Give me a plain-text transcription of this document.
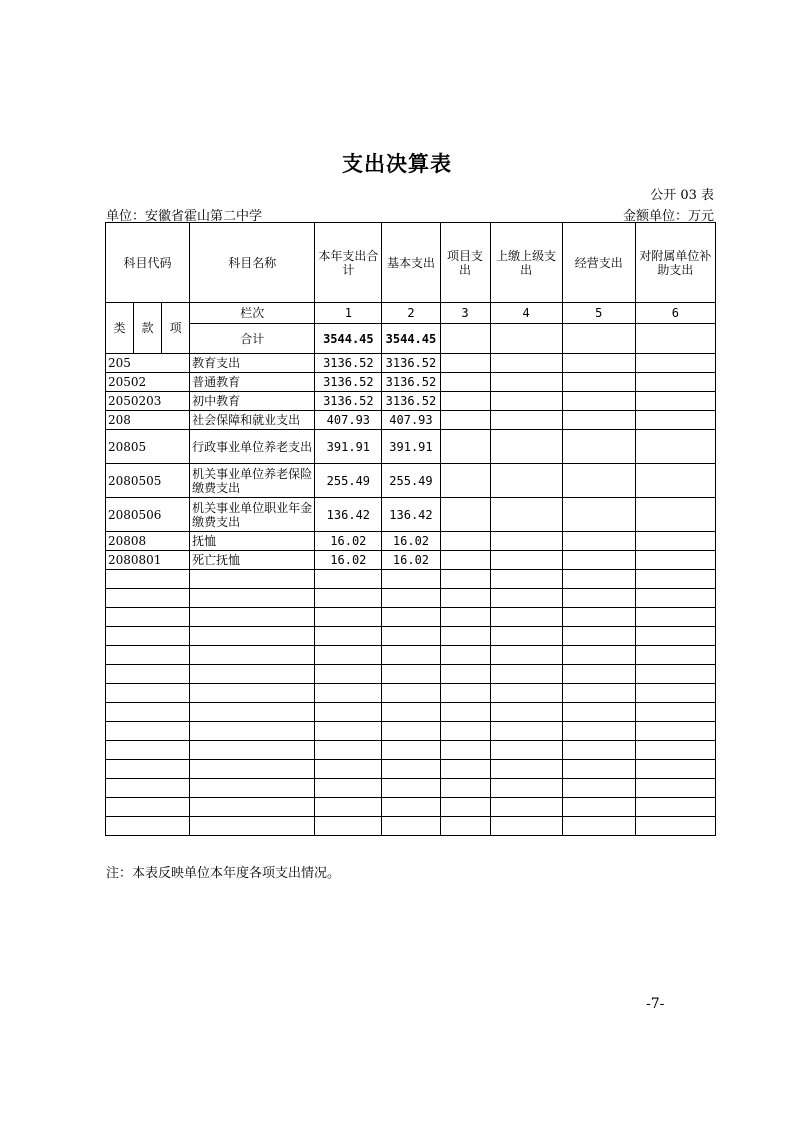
支出决算表
公开 03 表
单位：安徽省霍山第二中学	金额单位：万元
科目代码			科目名称	本年支出合计	基本支出	项目支出	上缴上级支出	经营支出	对附属单位补助支出
类	款	项	栏次	1	2	3	4	5	6
			合计	3544.45	3544.45				
205			教育支出	3136.52	3136.52				
20502			普通教育	3136.52	3136.52				
2050203			初中教育	3136.52	3136.52				
208			社会保障和就业支出	407.93	407.93				
20805			行政事业单位养老支出	391.91	391.91				
2080505			机关事业单位养老保险缴费支出	255.49	255.49				
2080506			机关事业单位职业年金缴费支出	136.42	136.42				
20808			抚恤	16.02	16.02				
2080801			死亡抚恤	16.02	16.02				

注：本表反映单位本年度各项支出情况。
-7-
